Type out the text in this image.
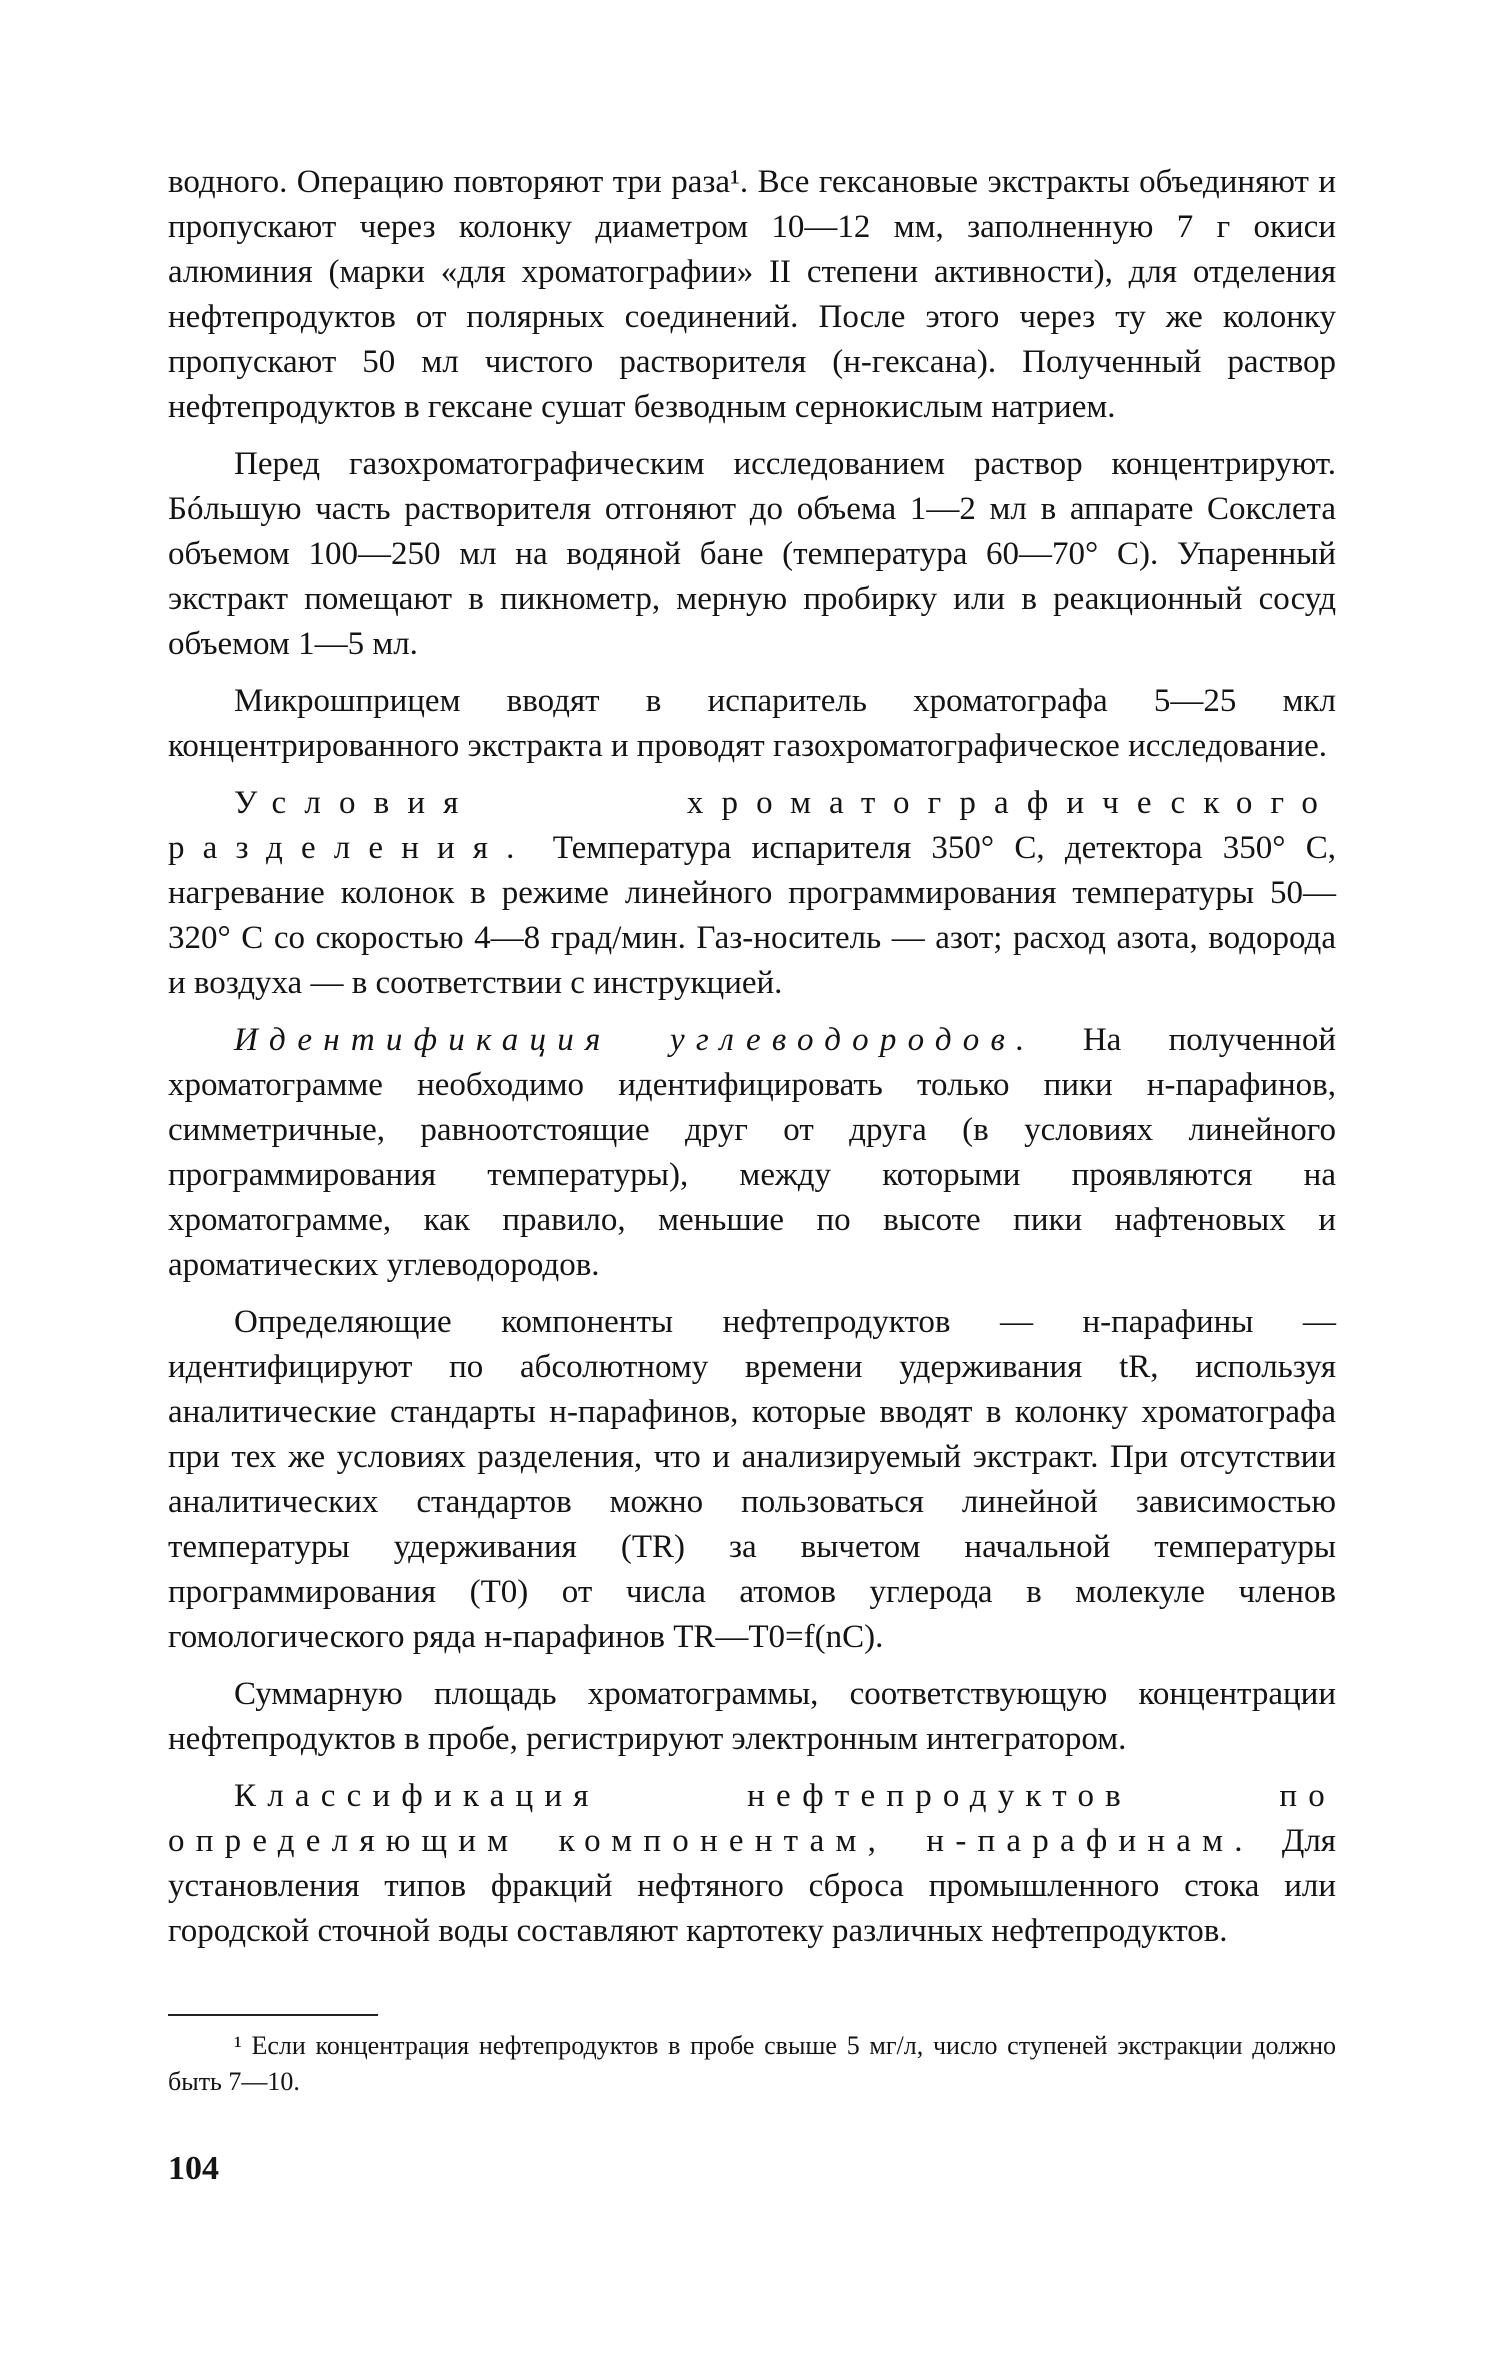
водного. Операцию повторяют три раза¹. Все гексановые экстракты объединяют и пропускают через колонку диаметром 10—12 мм, заполненную 7 г окиси алюминия (марки «для хроматографии» II степени активности), для отделения нефтепродуктов от полярных соединений. После этого через ту же колонку пропускают 50 мл чистого растворителя (н-гексана). Полученный раствор нефтепродуктов в гексане сушат безводным сернокислым натрием.

Перед газохроматографическим исследованием раствор концентрируют. Бóльшую часть растворителя отгоняют до объема 1—2 мл в аппарате Сокслета объемом 100—250 мл на водяной бане (температура 60—70° С). Упаренный экстракт помещают в пикнометр, мерную пробирку или в реакционный сосуд объемом 1—5 мл.

Микрошприцем вводят в испаритель хроматографа 5—25 мкл концентрированного экстракта и проводят газохроматографическое исследование.

Условия хроматографического разделения. Температура испарителя 350° С, детектора 350° С, нагревание колонок в режиме линейного программирования температуры 50—320° С со скоростью 4—8 град/мин. Газ-носитель — азот; расход азота, водорода и воздуха — в соответствии с инструкцией.

Идентификация углеводородов. На полученной хроматограмме необходимо идентифицировать только пики н-парафинов, симметричные, равноотстоящие друг от друга (в условиях линейного программирования температуры), между которыми проявляются на хроматограмме, как правило, меньшие по высоте пики нафтеновых и ароматических углеводородов.

Определяющие компоненты нефтепродуктов — н-парафины — идентифицируют по абсолютному времени удерживания tR, используя аналитические стандарты н-парафинов, которые вводят в колонку хроматографа при тех же условиях разделения, что и анализируемый экстракт. При отсутствии аналитических стандартов можно пользоваться линейной зависимостью температуры удерживания (TR) за вычетом начальной температуры программирования (T0) от числа атомов углерода в молекуле членов гомологического ряда н-парафинов TR—T0=f(nC).

Суммарную площадь хроматограммы, соответствующую концентрации нефтепродуктов в пробе, регистрируют электронным интегратором.

Классификация нефтепродуктов по определяющим компонентам, н-парафинам. Для установления типов фракций нефтяного сброса промышленного стока или городской сточной воды составляют картотеку различных нефтепродуктов.

¹ Если концентрация нефтепродуктов в пробе свыше 5 мг/л, число ступеней экстракции должно быть 7—10.
104
